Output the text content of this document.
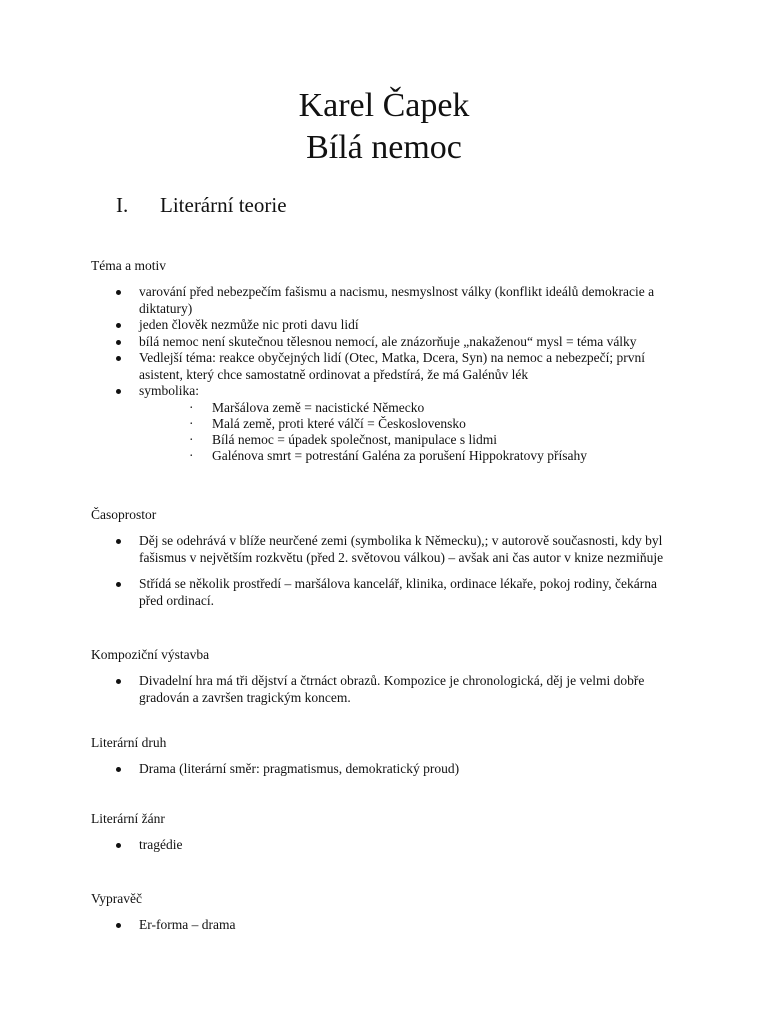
Karel Čapek
Bílá nemoc
I. Literární teorie
Téma a motiv
varování před nebezpečím fašismu a nacismu, nesmyslnost války (konflikt ideálů demokracie a diktatury)
jeden člověk nezmůže nic proti davu lidí
bílá nemoc není skutečnou tělesnou nemocí, ale znázorňuje „nakaženou“ mysl = téma války
Vedlejší téma: reakce obyčejných lidí (Otec, Matka, Dcera, Syn) na nemoc a nebezpečí; první asistent, který chce samostatně ordinovat a předstírá, že má Galénův lék
symbolika:
· Maršálova země = nacistické Německo
· Malá země, proti které válčí = Československo
· Bílá nemoc = úpadek společnost, manipulace s lidmi
· Galénova smrt = potrestání Galéna za porušení Hippokratovy přísahy
Časoprostor
Děj se odehrává v blíže neurčené zemi (symbolika k Německu),; v autorově současnosti, kdy byl fašismus v největším rozkvětu (před 2. světovou válkou) – avšak ani čas autor v knize nezmiňuje
Střídá se několik prostředí – maršálova kancelář, klinika, ordinace lékaře, pokoj rodiny, čekárna před ordinací.
Kompoziční výstavba
Divadelní hra má tři dějství a čtrnáct obrazů. Kompozice je chronologická, děj je velmi dobře gradován a završen tragickým koncem.
Literární druh
Drama (literární směr: pragmatismus, demokratický proud)
Literární žánr
tragédie
Vypravěč
Er-forma – drama
